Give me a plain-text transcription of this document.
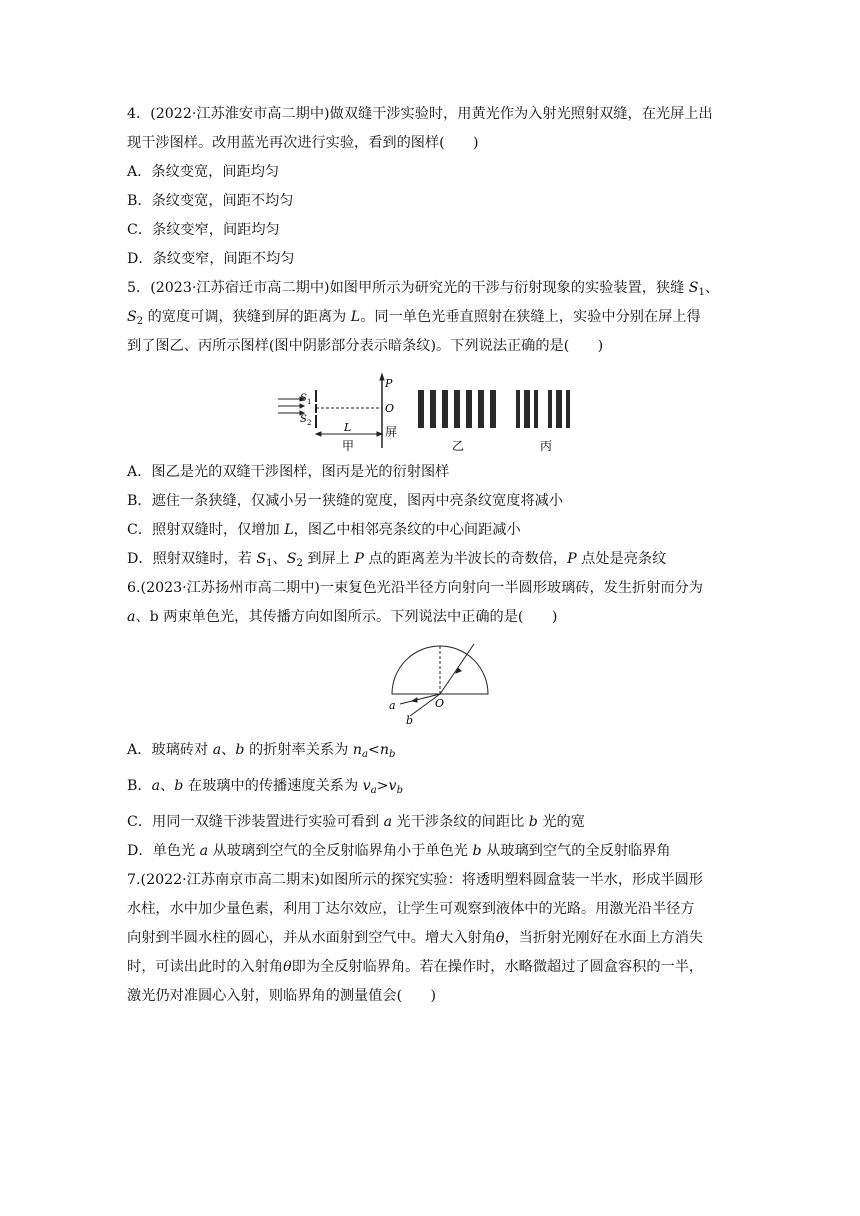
4．(2022·江苏淮安市高二期中)做双缝干涉实验时，用黄光作为入射光照射双缝，在光屏上出
现干涉图样。改用蓝光再次进行实验，看到的图样(　　)
A．条纹变宽，间距均匀
B．条纹变宽，间距不均匀
C．条纹变窄，间距均匀
D．条纹变窄，间距不均匀
5．(2023·江苏宿迁市高二期中)如图甲所示为研究光的干涉与衍射现象的实验装置，狭缝 $S_1$、
$S_2$ 的宽度可调，狭缝到屏的距离为 L。同一单色光垂直照射在狭缝上，实验中分别在屏上得
到了图乙、丙所示图样(图中阴影部分表示暗条纹)。下列说法正确的是(　　)
S 1
S 2
P
O
L
甲
屏
乙	丙
A．图乙是光的双缝干涉图样，图丙是光的衍射图样
B．遮住一条狭缝，仅减小另一狭缝的宽度，图丙中亮条纹宽度将减小
C．照射双缝时，仅增加 L，图乙中相邻亮条纹的中心间距减小
D．照射双缝时，若 $S_1$、$S_2$ 到屏上 P 点的距离差为半波长的奇数倍，P 点处是亮条纹
6.(2023·江苏扬州市高二期中)一束复色光沿半径方向射向一半圆形玻璃砖，发生折射而分为
a、b 两束单色光，其传播方向如图所示。下列说法中正确的是(　　)
a
b
O
A．玻璃砖对 a、b 的折射率关系为 $n_a<n_b$
B．a、b 在玻璃中的传播速度关系为 $v_a>v_b$
C．用同一双缝干涉装置进行实验可看到 a 光干涉条纹的间距比 b 光的宽
D．单色光 a 从玻璃到空气的全反射临界角小于单色光 b 从玻璃到空气的全反射临界角
7.(2022·江苏南京市高二期末)如图所示的探究实验：将透明塑料圆盒装一半水，形成半圆形
水柱，水中加少量色素，利用丁达尔效应，让学生可观察到液体中的光路。用激光沿半径方
向射到半圆水柱的圆心，并从水面射到空气中。增大入射角θ，当折射光刚好在水面上方消失
时，可读出此时的入射角θ即为全反射临界角。若在操作时，水略微超过了圆盒容积的一半，
激光仍对准圆心入射，则临界角的测量值会(　　)
